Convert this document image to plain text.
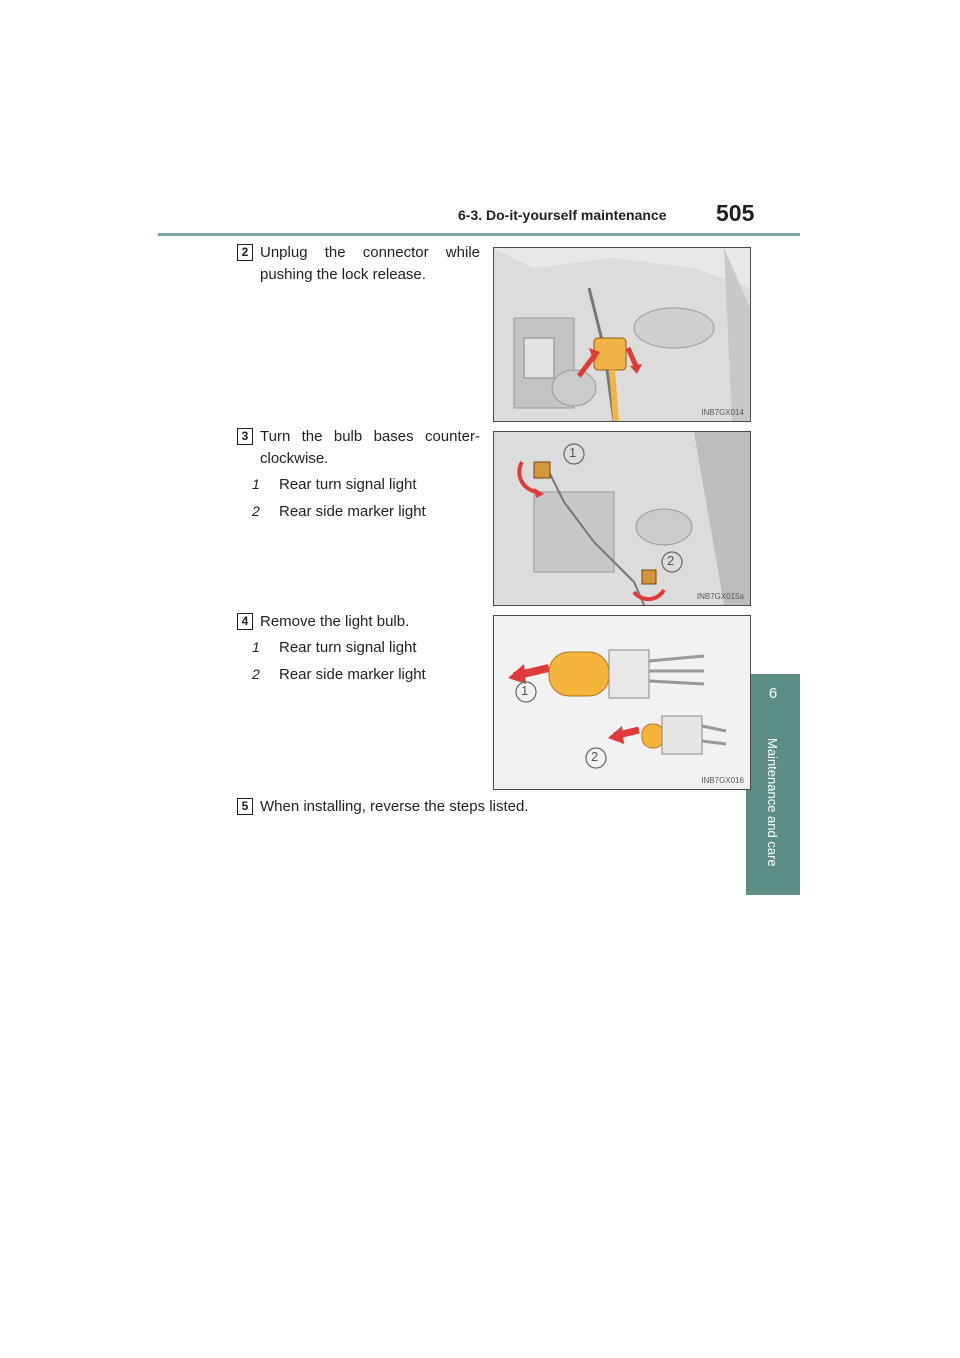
6-3. Do-it-yourself maintenance 505
6
Maintenance and care
2 Unplug the connector while pushing the lock release.
INB7GX014
3 Turn the bulb bases counter-clockwise.
1 Rear turn signal light
2 Rear side marker light
1
2
INB7GX015a
4 Remove the light bulb.
1 Rear turn signal light
2 Rear side marker light
1
2
INB7GX016
5 When installing, reverse the steps listed.
